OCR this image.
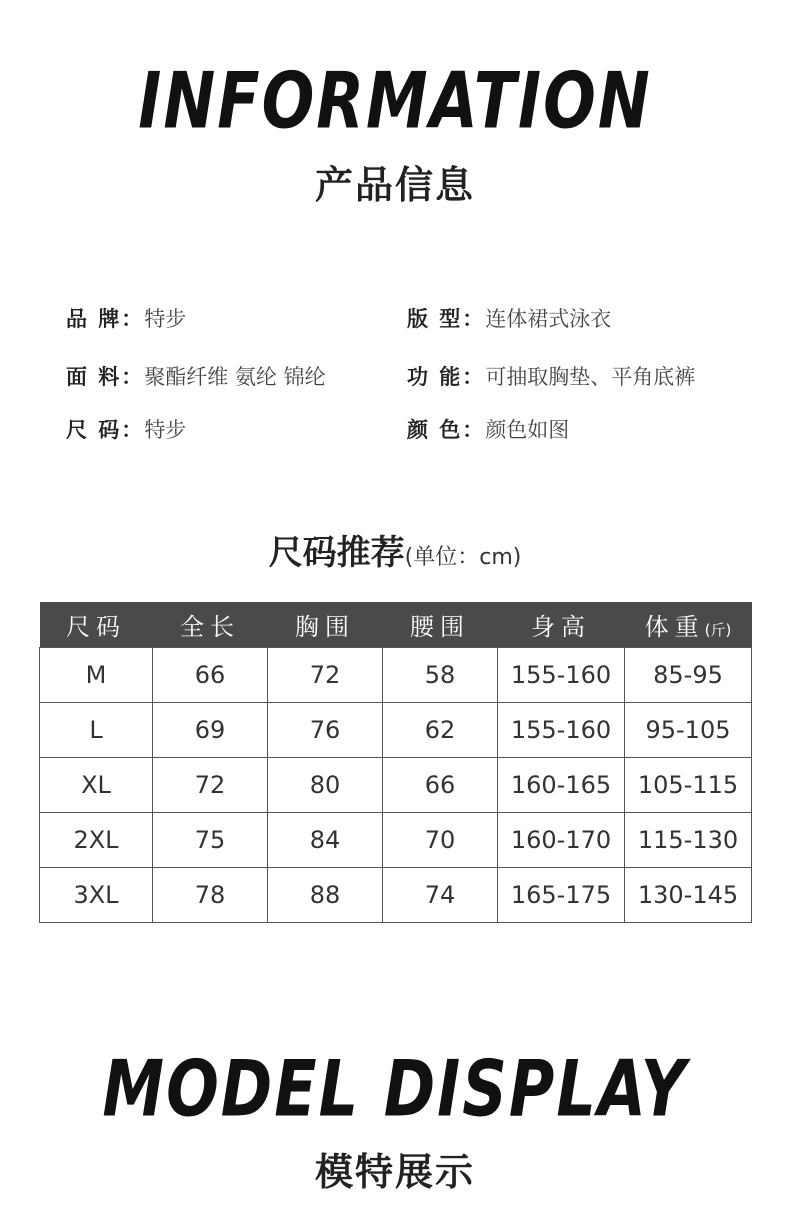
INFORMATION
产品信息
品 牌：特步	版 型：连体裙式泳衣
面 料：聚酯纤维 氨纶 锦纶	功 能：可抽取胸垫、平角底裤
尺 码：特步	颜 色：颜色如图
尺码推荐(单位：cm)
尺码	全长	胸围	腰围	身高	体重(斤)
M	66	72	58	155-160	85-95
L	69	76	62	155-160	95-105
XL	72	80	66	160-165	105-115
2XL	75	84	70	160-170	115-130
3XL	78	88	74	165-175	130-145
MODEL DISPLAY
模特展示
